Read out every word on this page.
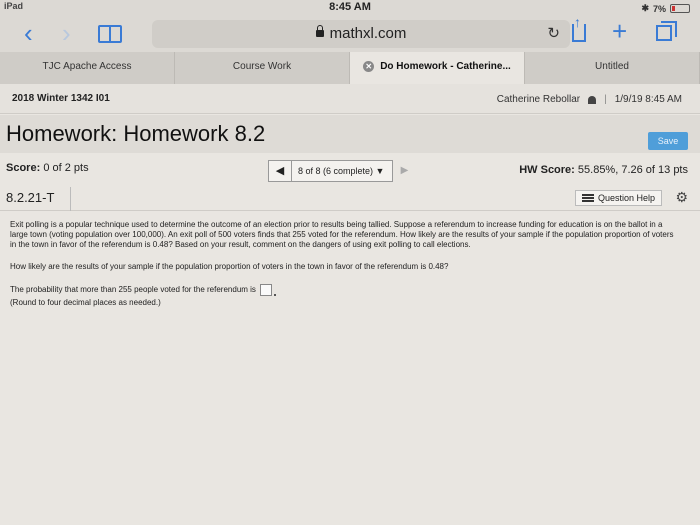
iPad	8:45 AM	✱ 7%
‹ ›	mathxl.com	↻
↑ +
TJC Apache Access	Course Work	✕ Do Homework - Catherine...	Untitled
2018 Winter 1342 I01	Catherine Rebollar | 1/9/19 8:45 AM
Homework: Homework 8.2	Save
Score: 0 of 2 pts	◀	8 of 8 (6 complete) ▼	▶	HW Score: 55.85%, 7.26 of 13 pts
8.2.21-T	Question Help	⚙

Exit polling is a popular technique used to determine the outcome of an election prior to results being tallied. Suppose a referendum to increase funding for education is on the ballot in a large town (voting population over 100,000). An exit poll of 500 voters finds that 255 voted for the referendum. How likely are the results of your sample if the population proportion of voters in the town in favor of the referendum is 0.48? Based on your result, comment on the dangers of using exit polling to call elections.

How likely are the results of your sample if the population proportion of voters in the town in favor of the referendum is 0.48?

The probability that more than 255 people voted for the referendum is

(Round to four decimal places as needed.)
